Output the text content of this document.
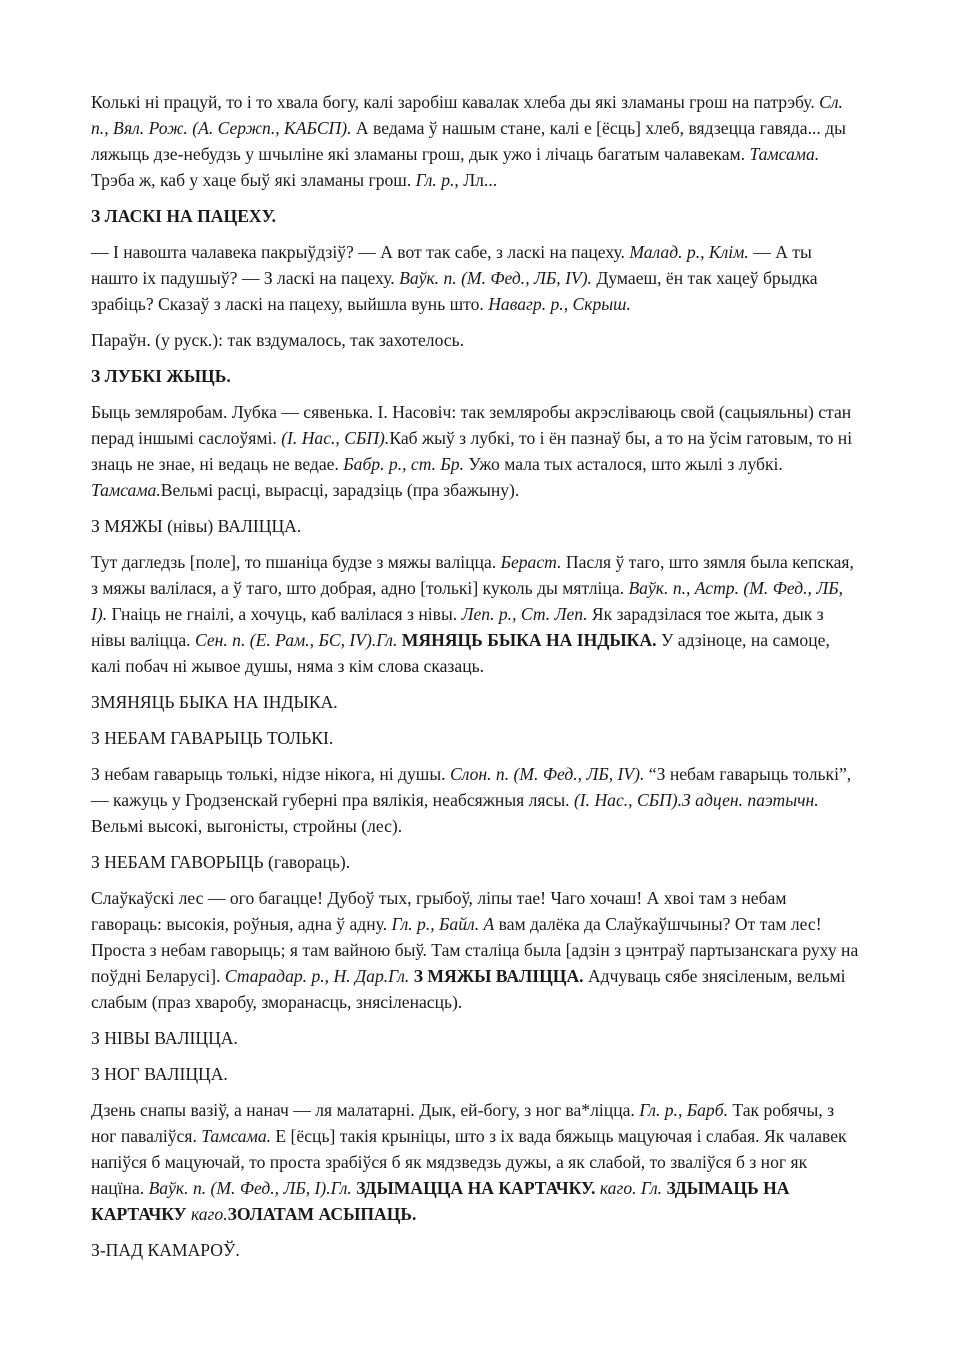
Колькі ні працуй, то і то хвала богу, калі заробіш кавалак хлеба ды які зламаны грош на патрэбу. Сл. п., Вял. Рож. (А. Сержп., КАБСП). А ведама ў нашым стане, калі е [ёсць] хлеб, вядзецца гавяда... ды ляжыць дзе-небудзь у шчыліне які зламаны грош, дык ужо і лічаць багатым чалавекам. Тамсама. Трэба ж, каб у хаце быў які зламаны грош. Гл. р., Лл...

З ЛАСКІ НА ПАЦЕХУ.

— І навошта чалавека пакрыўдзіў? — А вот так сабе, з ласкі на пацеху. Малад. р., Клім. — А ты нашто іх падушыў? — З ласкі на пацеху. Ваўк. п. (М. Фед., ЛБ, IV). Думаеш, ён так хацеў брыдка зрабіць? Сказаў з ласкі на пацеху, выйшла вунь што. Навагр. р., Скрыш.

Параўн. (у руск.): так вздумалось, так захотелось.

З ЛУБКІ ЖЫЦЬ.

Быць земляробам. Лубка — сявенька. І. Насовіч: так земляробы акрэсліваюць свой (сацыяльны) стан перад іншымі саслоўямі. (І. Нас., СБП).Каб жыў з лубкі, то і ён пазнаў бы, а то на ўсім гатовым, то ні знаць не знае, ні ведаць не ведае. Бабр. р., ст. Бр. Ужо мала тых асталося, што жылі з лубкі. Тамсама.Вельмі расці, вырасці, зарадзіць (пра збажыну).

З МЯЖЫ (нівы) ВАЛІЦЦА.

Тут дагледзь [поле], то пшаніца будзе з мяжы валіцца. Бераст. Пасля ў таго, што зямля была кепская, з мяжы валілася, а ў таго, што добрая, адно [толькі] куколь ды мятліца. Ваўк. п., Астр. (М. Фед., ЛБ, I). Гнаіць не гнаілі, а хочуць, каб валілася з нівы. Леп. р., Ст. Леп. Як зарадзілася тое жыта, дык з нівы валіцца. Сен. п. (Е. Рам., БС, IV).Гл. МЯНЯЦЬ БЫКА НА ІНДЫКА. У адзіноце, на самоце, калі побач ні жывое душы, няма з кім слова сказаць.

ЗМЯНЯЦЬ БЫКА НА ІНДЫКА.

З НЕБАМ ГАВАРЫЦЬ ТОЛЬКІ.

З небам гаварыць толькі, нідзе нікога, ні душы. Слон. п. (М. Фед., ЛБ, IV). “З небам гаварыць толькі”, — кажуць у Гродзенскай губерні пра вялікія, неабсяжныя лясы. (І. Нас., СБП).З адцен. паэтычн. Вельмі высокі, выгоністы, стройны (лес).

З НЕБАМ ГАВОРЫЦЬ (гавораць).

Слаўкаўскі лес — ого багацце! Дубоў тых, грыбоў, ліпы тае! Чаго хочаш! А хвоі там з небам гавораць: высокія, роўныя, адна ў адну. Гл. р., Байл. А вам далёка да Слаўкаўшчыны? От там лес! Проста з небам гаворыць; я там вайною быў. Там сталіца была [адзін з цэнтраў партызанскага руху на поўдні Беларусі]. Старадар. р., Н. Дар.Гл. З МЯЖЫ ВАЛІЦЦА. Адчуваць сябе знясіленым, вельмі слабым (праз хваробу, зморанасць, знясіленасць).

З НІВЫ ВАЛІЦЦА.

З НОГ ВАЛІЦЦА.

Дзень снапы вазіў, а нанач — ля малатарні. Дык, ей-богу, з ног ва*ліцца. Гл. р., Барб. Так робячы, з ног паваліўся. Тамсама. Е [ёсць] такія крыніцы, што з іх вада бяжыць мацуючая і слабая. Як чалавек напіўся б мацуючай, то проста зрабіўся б як мядзведзь дужы, а як слабой, то зваліўся б з ног як нацїна. Ваўк. п. (М. Фед., ЛБ, I).Гл. ЗДЫМАЦЦА НА КАРТАЧКУ. каго. Гл. ЗДЫМАЦЬ НА КАРТАЧКУ каго.ЗОЛАТАМ АСЫПАЦЬ.

З-ПАД КАМАРОЎ.
